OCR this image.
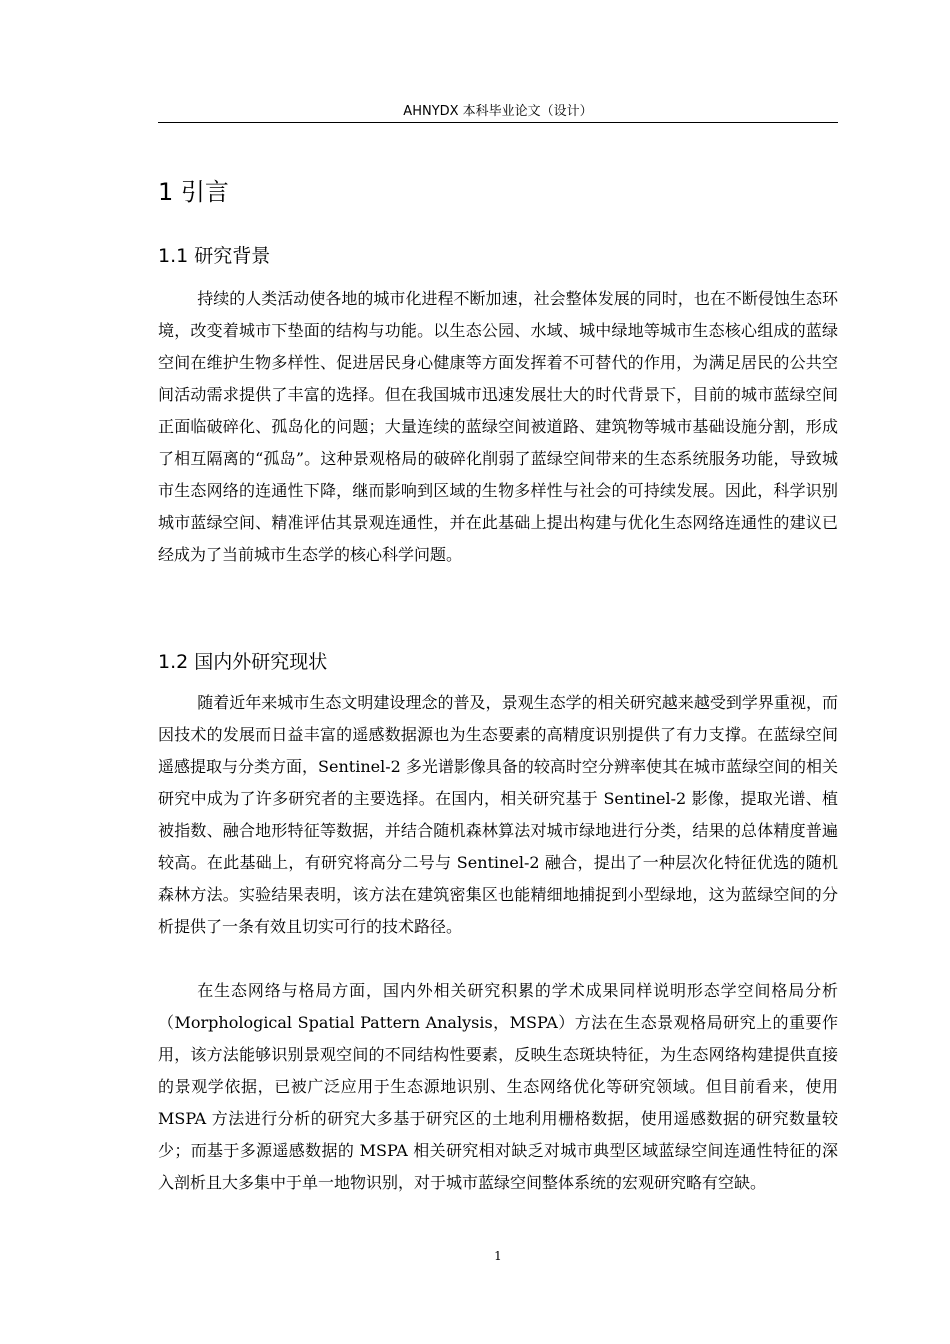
AHNYDX 本科毕业论文（设计）
1 引言
1.1 研究背景

持续的人类活动使各地的城市化进程不断加速，社会整体发展的同时，也在不断侵蚀生态环境，改变着城市下垫面的结构与功能。以生态公园、水域、城中绿地等城市生态核心组成的蓝绿空间在维护生物多样性、促进居民身心健康等方面发挥着不可替代的作用，为满足居民的公共空间活动需求提供了丰富的选择。但在我国城市迅速发展壮大的时代背景下，目前的城市蓝绿空间正面临破碎化、孤岛化的问题；大量连续的蓝绿空间被道路、建筑物等城市基础设施分割，形成了相互隔离的“孤岛”。这种景观格局的破碎化削弱了蓝绿空间带来的生态系统服务功能，导致城市生态网络的连通性下降，继而影响到区域的生物多样性与社会的可持续发展。因此，科学识别城市蓝绿空间、精准评估其景观连通性，并在此基础上提出构建与优化生态网络连通性的建议已经成为了当前城市生态学的核心科学问题。

1.2 国内外研究现状

随着近年来城市生态文明建设理念的普及，景观生态学的相关研究越来越受到学界重视，而因技术的发展而日益丰富的遥感数据源也为生态要素的高精度识别提供了有力支撑。在蓝绿空间遥感提取与分类方面，Sentinel-2 多光谱影像具备的较高时空分辨率使其在城市蓝绿空间的相关研究中成为了许多研究者的主要选择。在国内，相关研究基于 Sentinel-2 影像，提取光谱、植被指数、融合地形特征等数据，并结合随机森林算法对城市绿地进行分类，结果的总体精度普遍较高。在此基础上，有研究将高分二号与 Sentinel-2 融合，提出了一种层次化特征优选的随机森林方法。实验结果表明，该方法在建筑密集区也能精细地捕捉到小型绿地，这为蓝绿空间的分析提供了一条有效且切实可行的技术路径。

在生态网络与格局方面，国内外相关研究积累的学术成果同样说明形态学空间格局分析（Morphological Spatial Pattern Analysis，MSPA）方法在生态景观格局研究上的重要作用，该方法能够识别景观空间的不同结构性要素，反映生态斑块特征，为生态网络构建提供直接的景观学依据，已被广泛应用于生态源地识别、生态网络优化等研究领域。但目前看来，使用 MSPA 方法进行分析的研究大多基于研究区的土地利用栅格数据，使用遥感数据的研究数量较少；而基于多源遥感数据的 MSPA 相关研究相对缺乏对城市典型区域蓝绿空间连通性特征的深入剖析且大多集中于单一地物识别，对于城市蓝绿空间整体系统的宏观研究略有空缺。

1
